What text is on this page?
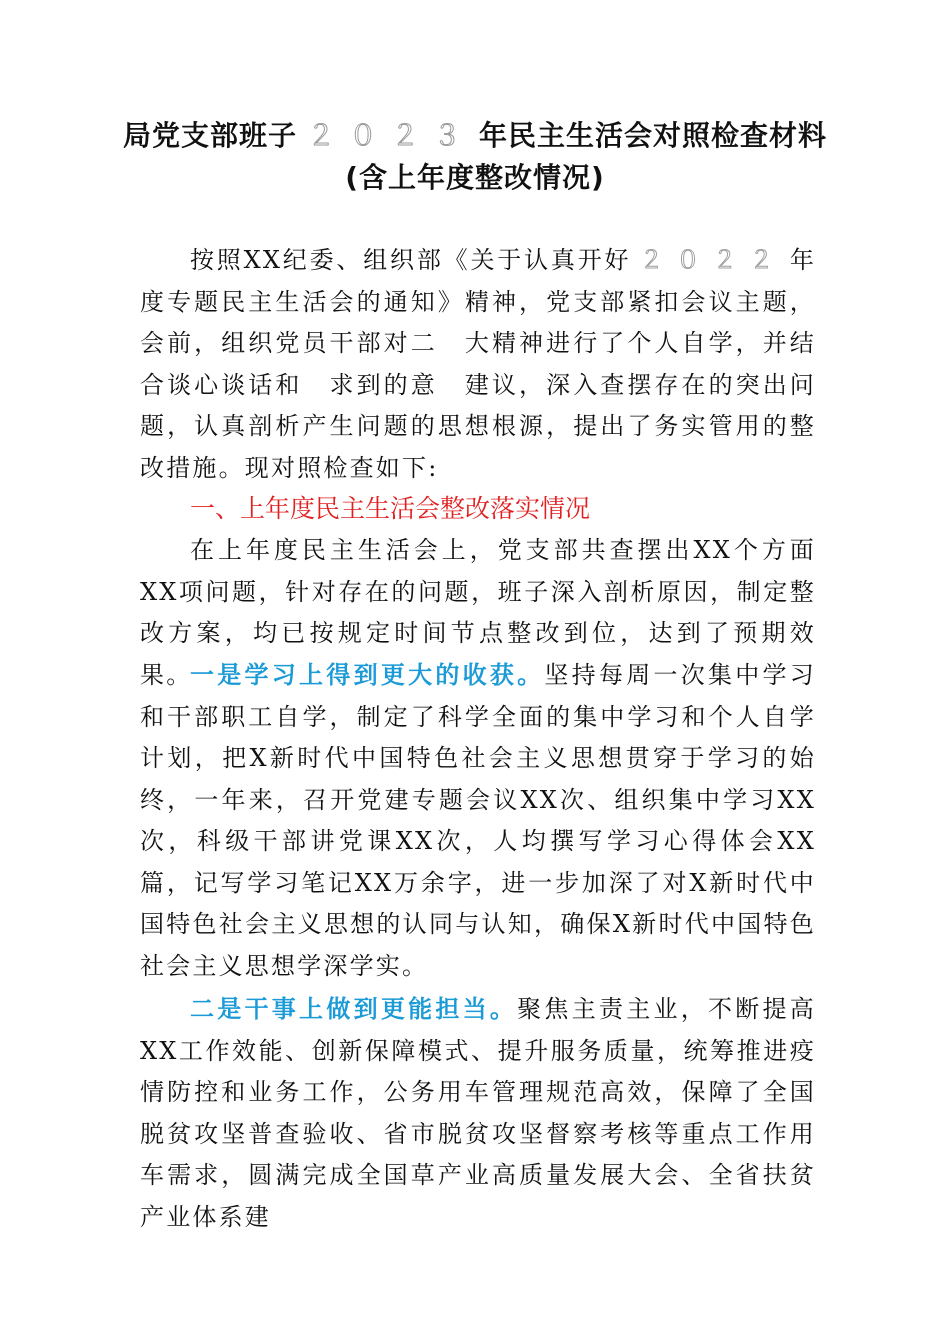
局党支部班子 ２０２３ 年民主生活会对照检查材料
(含上年度整改情况)

按照XX纪委、组织部《关于认真开好 ２０２２ 年度专题民主生活会的通知》精神，党支部紧扣会议主题，会前，组织党员干部对二　大精神进行了个人自学，并结合谈心谈话和　求到的意　建议，深入查摆存在的突出问题，认真剖析产生问题的思想根源，提出了务实管用的整改措施。现对照检查如下:

一、上年度民主生活会整改落实情况

在上年度民主生活会上，党支部共查摆出XX个方面XX项问题，针对存在的问题，班子深入剖析原因，制定整改方案，均已按规定时间节点整改到位，达到了预期效果。

一是学习上得到更大的收获。坚持每周一次集中学习和干部职工自学，制定了科学全面的集中学习和个人自学计划，把X新时代中国特色社会主义思想贯穿于学习的始终，一年来，召开党建专题会议XX次、组织集中学习XX次，科级干部讲党课XX次，人均撰写学习心得体会XX篇，记写学习笔记XX万余字，进一步加深了对X新时代中国特色社会主义思想的认同与认知，确保X新时代中国特色社会主义思想学深学实。

二是干事上做到更能担当。聚焦主责主业，不断提高XX工作效能、创新保障模式、提升服务质量，统筹推进疫情防控和业务工作，公务用车管理规范高效，保障了全国脱贫攻坚普查验收、省市脱贫攻坚督察考核等重点工作用车需求，圆满完成全国草产业高质量发展大会、全省扶贫产业体系建
